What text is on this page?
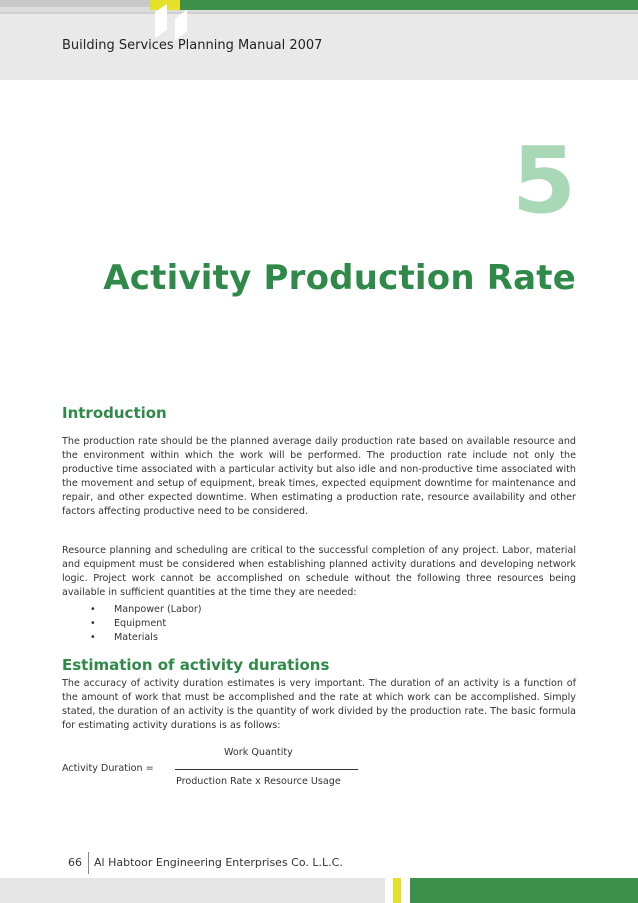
Building Services Planning Manual 2007
5
Activity Production Rate
Introduction
The production rate should be the planned average daily production rate based on available resource and the environment within which the work will be performed. The production rate include not only the productive time associated with a particular activity but also idle and non-productive time associated with the movement and setup of equipment, break times, expected equipment downtime for maintenance and repair, and other expected downtime. When estimating a production rate, resource availability and other factors affecting productive need to be considered.
Resource planning and scheduling are critical to the successful completion of any project. Labor, material and equipment must be considered when establishing planned activity durations and developing network logic. Project work cannot be accomplished on schedule without the following three resources being available in sufficient quantities at the time they are needed:
• Manpower (Labor)
• Equipment
• Materials
Estimation of activity durations
The accuracy of activity duration estimates is very important. The duration of an activity is a function of the amount of work that must be accomplished and the rate at which work can be accomplished. Simply stated, the duration of an activity is the quantity of work divided by the production rate. The basic formula for estimating activity durations is as follows:
Work Quantity
Activity Duration =
Production Rate x Resource Usage
66	Al Habtoor Engineering Enterprises Co. L.L.C.
